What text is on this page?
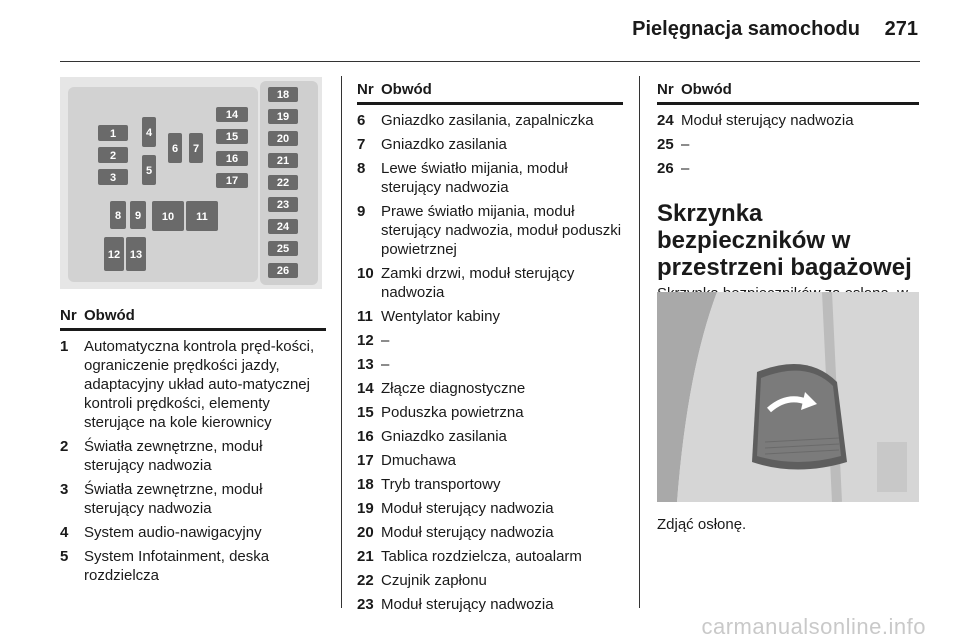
Pielęgnacja samochodu 271
1
2
3
4
5
6 7
8 9 10 11
12 13
14
15
16
17
18
19
20
21
22
23
24
25
26
Nr Obwód
1	Automatyczna kontrola pręd-kości, ograniczenie prędkości jazdy, adaptacyjny układ auto-matycznej kontroli prędkości, elementy sterujące na kole kierownicy
2	Światła zewnętrzne, moduł sterujący nadwozia
3	Światła zewnętrzne, moduł sterujący nadwozia
4	System audio-nawigacyjny
5	System Infotainment, deska rozdzielcza
Nr Obwód
6	Gniazdko zasilania, zapalniczka
7	Gniazdko zasilania
8	Lewe światło mijania, moduł sterujący nadwozia
9	Prawe światło mijania, moduł sterujący nadwozia, moduł poduszki powietrznej
10 Zamki drzwi, moduł sterujący nadwozia
11 Wentylator kabiny
12 –
13 –
14 Złącze diagnostyczne
15 Poduszka powietrzna
16 Gniazdko zasilania
17 Dmuchawa
18 Tryb transportowy
19 Moduł sterujący nadwozia
20 Moduł sterujący nadwozia
21 Tablica rozdzielcza, autoalarm
22 Czujnik zapłonu
23 Moduł sterujący nadwozia
Nr Obwód
24 Moduł sterujący nadwozia
25 –
26 –
Skrzynka bezpieczników w przestrzeni bagażowej
Zdjąć osłonę.
carmanualsonline.info
